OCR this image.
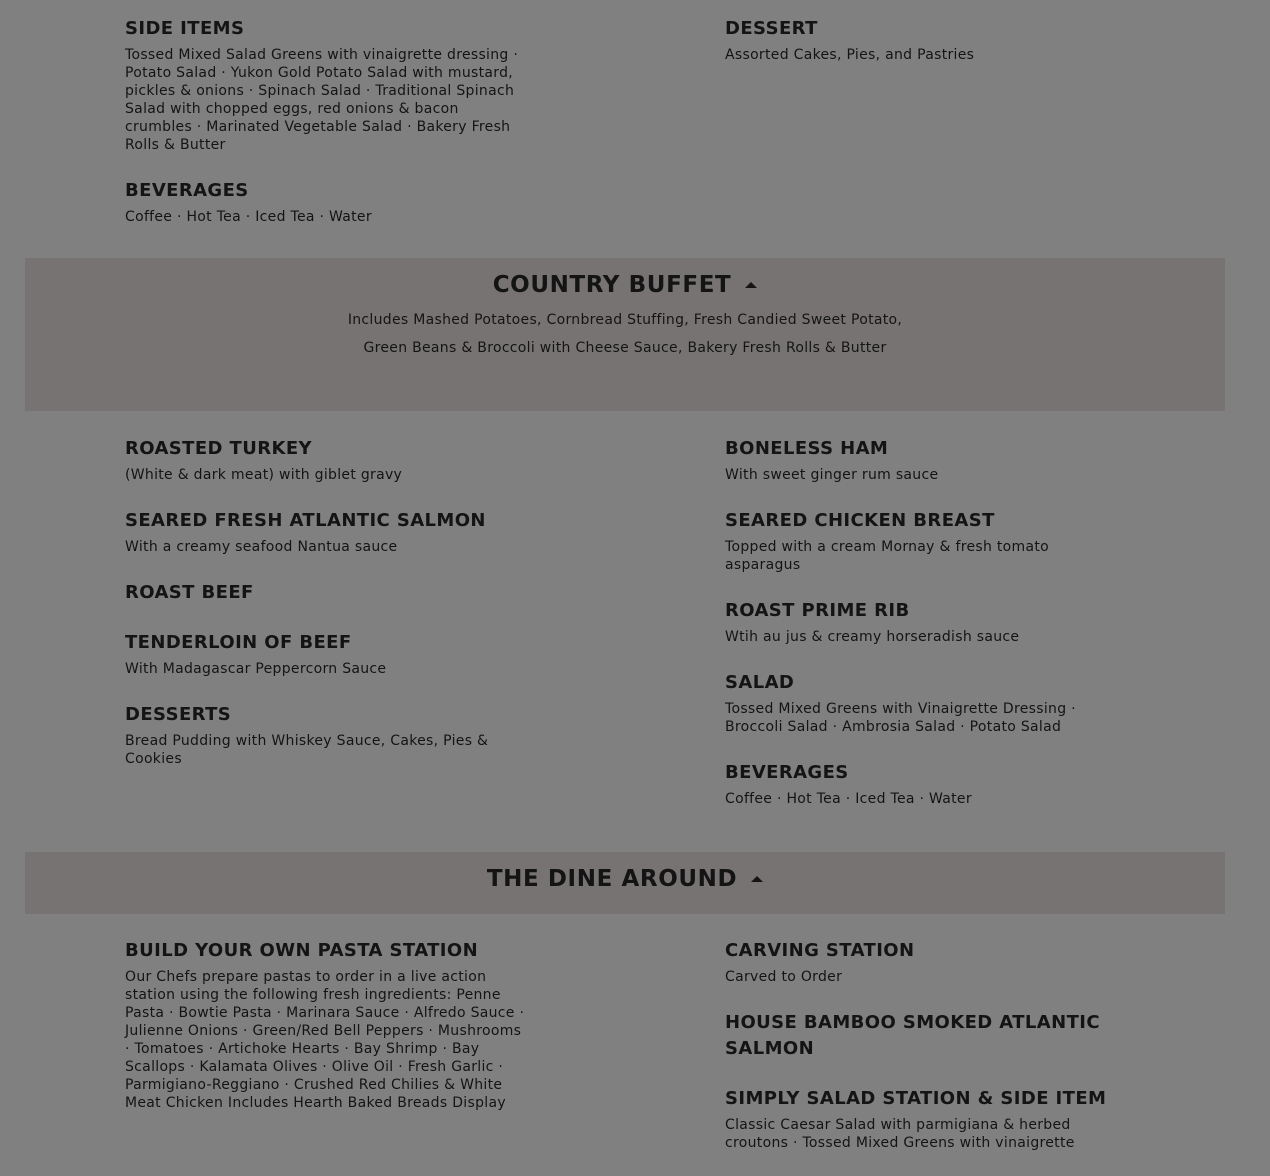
SIDE ITEMS

Tossed Mixed Salad Greens with vinaigrette dressing · Potato Salad · Yukon Gold Potato Salad with mustard, pickles & onions · Spinach Salad · Traditional Spinach Salad with chopped eggs, red onions & bacon crumbles · Marinated Vegetable Salad · Bakery Fresh Rolls & Butter

BEVERAGES

Coffee · Hot Tea · Iced Tea · Water

DESSERT

Assorted Cakes, Pies, and Pastries

COUNTRY BUFFET

Includes Mashed Potatoes, Cornbread Stuffing, Fresh Candied Sweet Potato, Green Beans & Broccoli with Cheese Sauce, Bakery Fresh Rolls & Butter

ROASTED TURKEY

(White & dark meat) with giblet gravy

SEARED FRESH ATLANTIC SALMON

With a creamy seafood Nantua sauce

ROAST BEEF
TENDERLOIN OF BEEF

With Madagascar Peppercorn Sauce

DESSERTS

Bread Pudding with Whiskey Sauce, Cakes, Pies & Cookies

BONELESS HAM

With sweet ginger rum sauce

SEARED CHICKEN BREAST

Topped with a cream Mornay & fresh tomato asparagus

ROAST PRIME RIB

Wtih au jus & creamy horseradish sauce

SALAD

Tossed Mixed Greens with Vinaigrette Dressing · Broccoli Salad · Ambrosia Salad · Potato Salad

BEVERAGES

Coffee · Hot Tea · Iced Tea · Water

THE DINE AROUND
BUILD YOUR OWN PASTA STATION

Our Chefs prepare pastas to order in a live action station using the following fresh ingredients: Penne Pasta · Bowtie Pasta · Marinara Sauce · Alfredo Sauce · Julienne Onions · Green/Red Bell Peppers · Mushrooms · Tomatoes · Artichoke Hearts · Bay Shrimp · Bay Scallops · Kalamata Olives · Olive Oil · Fresh Garlic · Parmigiano-Reggiano · Crushed Red Chilies & White Meat Chicken Includes Hearth Baked Breads Display

CARVING STATION

Carved to Order

HOUSE BAMBOO SMOKED ATLANTIC SALMON
SIMPLY SALAD STATION & SIDE ITEM

Classic Caesar Salad with parmigiana & herbed croutons · Tossed Mixed Greens with vinaigrette
